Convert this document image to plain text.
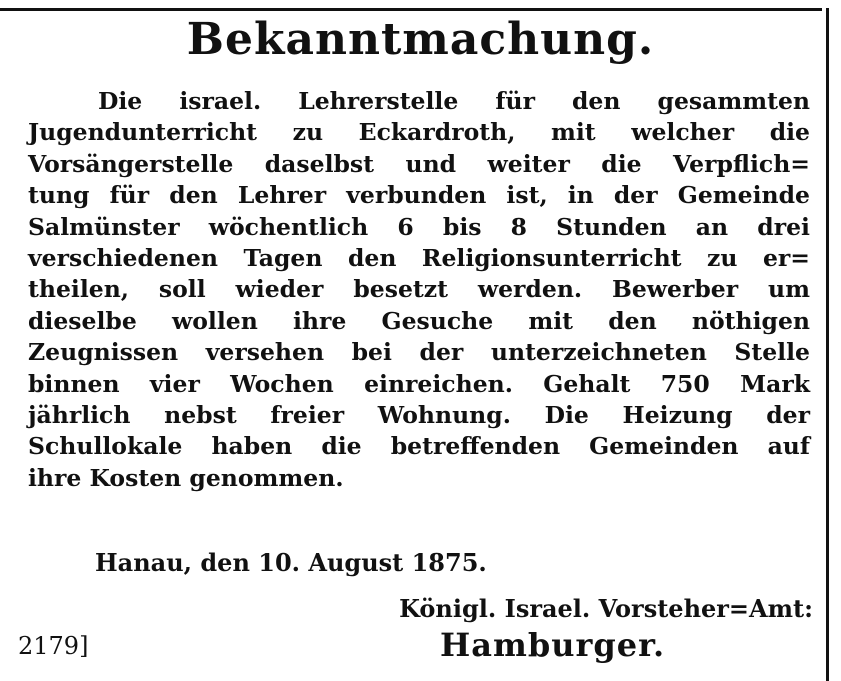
Bekanntmachung.
Die israel. Lehrerstelle für den gesammten
Jugendunterricht zu Eckardroth, mit welcher die
Vorsängerstelle daselbst und weiter die Verpflich=
tung für den Lehrer verbunden ist, in der Gemeinde
Salmünster wöchentlich 6 bis 8 Stunden an drei
verschiedenen Tagen den Religionsunterricht zu er=
theilen, soll wieder besetzt werden. Bewerber um
dieselbe wollen ihre Gesuche mit den nöthigen
Zeugnissen versehen bei der unterzeichneten Stelle
binnen vier Wochen einreichen. Gehalt 750 Mark
jährlich nebst freier Wohnung. Die Heizung der
Schullokale haben die betreffenden Gemeinden auf
ihre Kosten genommen.
Hanau, den 10. August 1875.
Königl. Israel. Vorsteher=Amt:
2179]	Hamburger.
